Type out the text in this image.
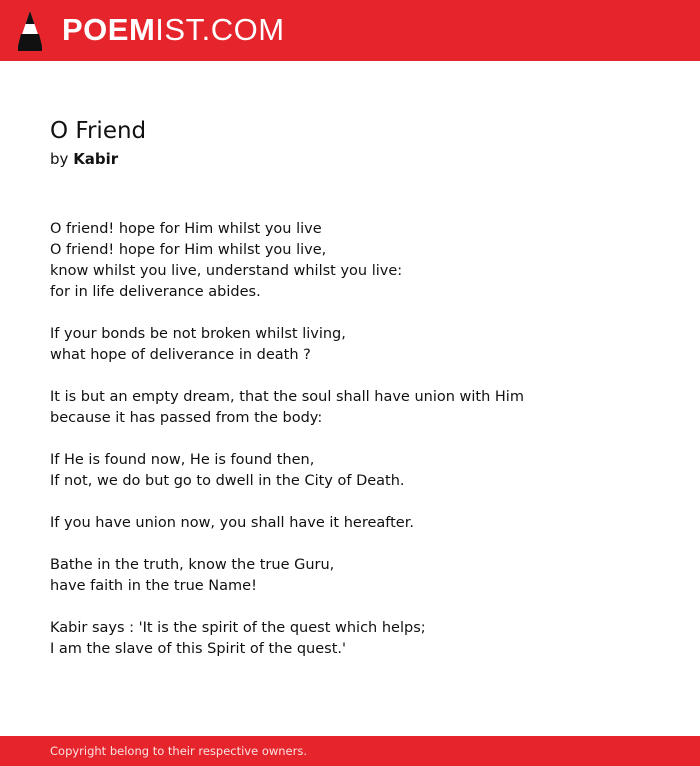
POEMIST.COM
O Friend
by Kabir
O friend! hope for Him whilst you live
O friend! hope for Him whilst you live,
know whilst you live, understand whilst you live:
for in life deliverance abides.
If your bonds be not broken whilst living,
what hope of deliverance in death ?
It is but an empty dream, that the soul shall have union with Him
because it has passed from the body:
If He is found now, He is found then,
If not, we do but go to dwell in the City of Death.
If you have union now, you shall have it hereafter.
Bathe in the truth, know the true Guru,
have faith in the true Name!
Kabir says : 'It is the spirit of the quest which helps;
I am the slave of this Spirit of the quest.'
Copyright belong to their respective owners.
